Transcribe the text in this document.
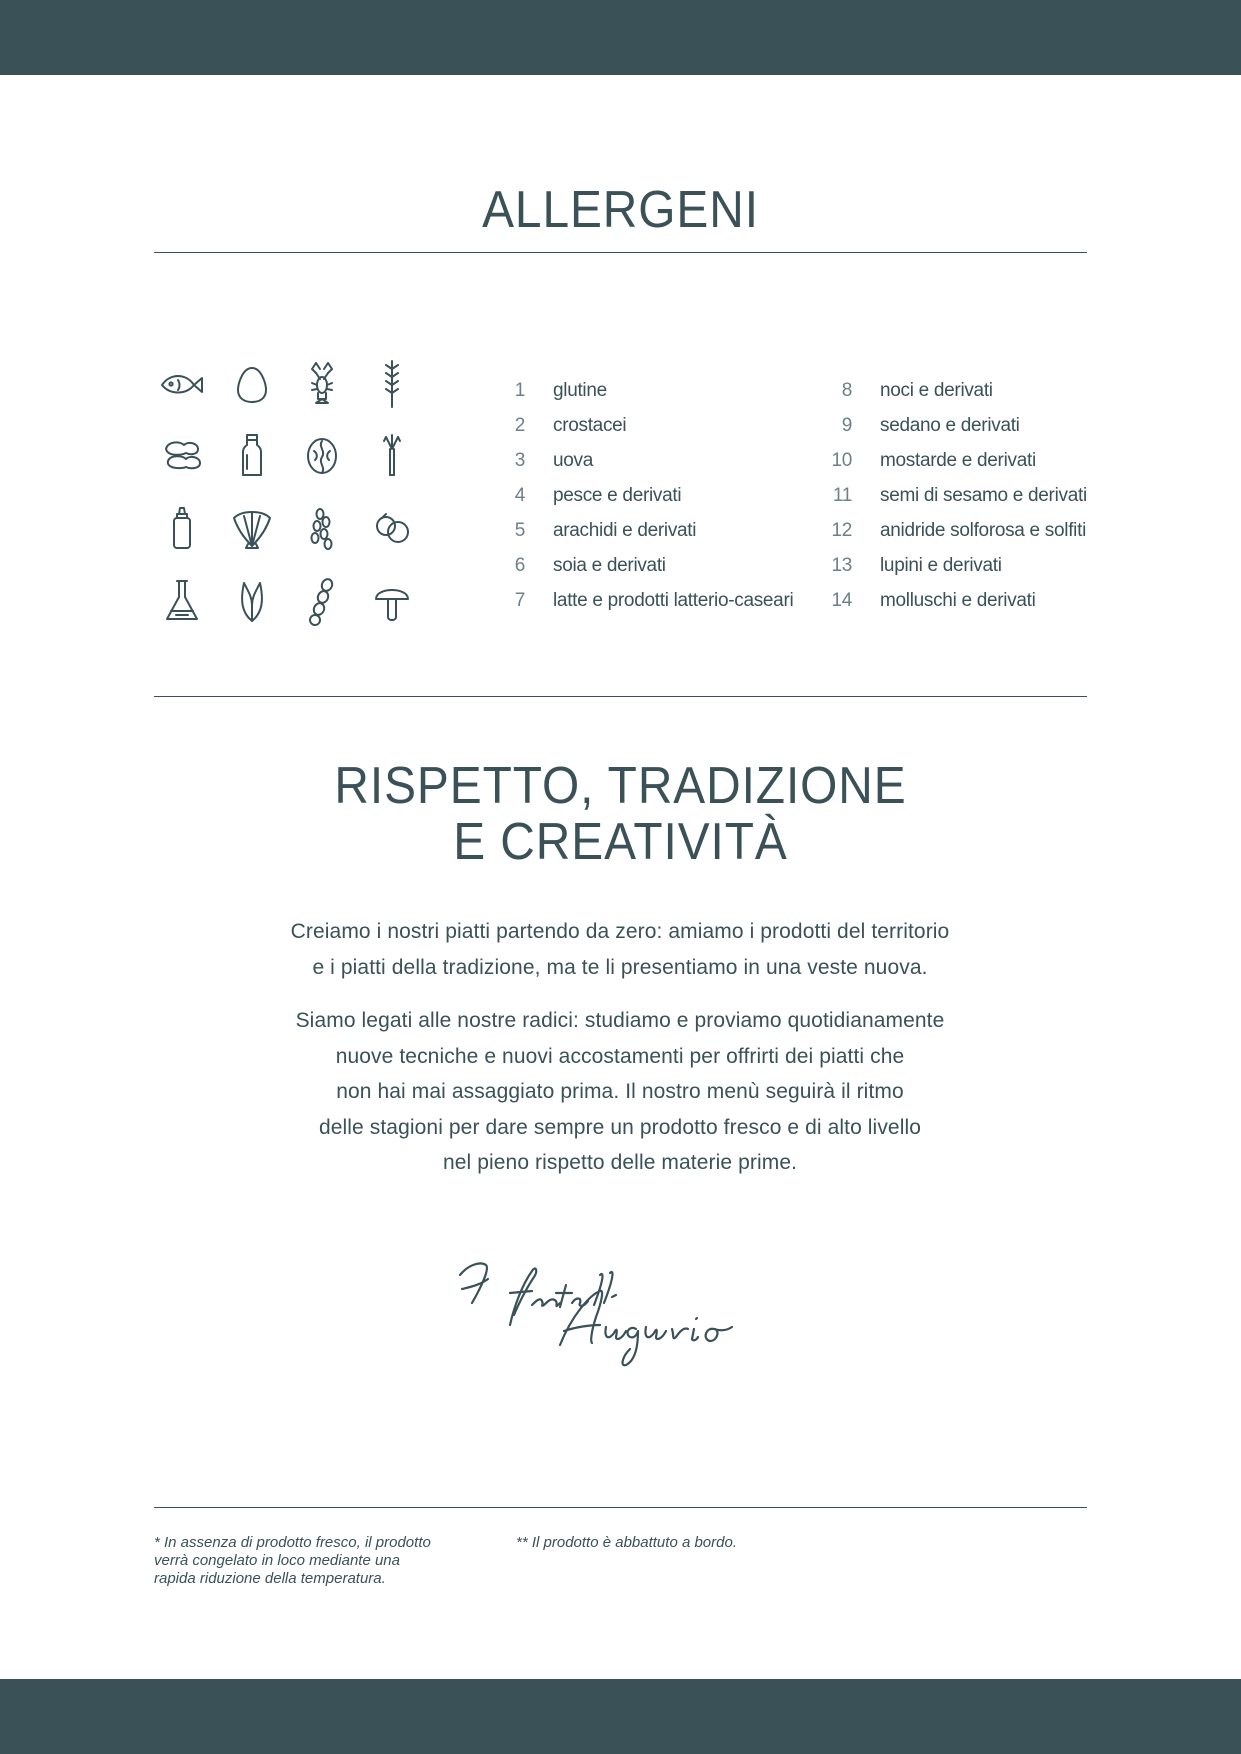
ALLERGENI
1 glutine
2 crostacei
3 uova
4 pesce e derivati
5 arachidi e derivati
6 soia e derivati
7 latte e prodotti latterio-caseari
8 noci e derivati
9 sedano e derivati
10 mostarde e derivati
11 semi di sesamo e derivati
12 anidride solforosa e solfiti
13 lupini e derivati
14 molluschi e derivati
RISPETTO, TRADIZIONE
E CREATIVITÀ

Creiamo i nostri piatti partendo da zero: amiamo i prodotti del territorio
e i piatti della tradizione, ma te li presentiamo in una veste nuova.

Siamo legati alle nostre radici: studiamo e proviamo quotidianamente
nuove tecniche e nuovi accostamenti per offrirti dei piatti che
non hai mai assaggiato prima. Il nostro menù seguirà il ritmo
delle stagioni per dare sempre un prodotto fresco e di alto livello
nel pieno rispetto delle materie prime.

* In assenza di prodotto fresco, il prodotto
verrà congelato in loco mediante una
rapida riduzione della temperatura.

** Il prodotto è abbattuto a bordo.
